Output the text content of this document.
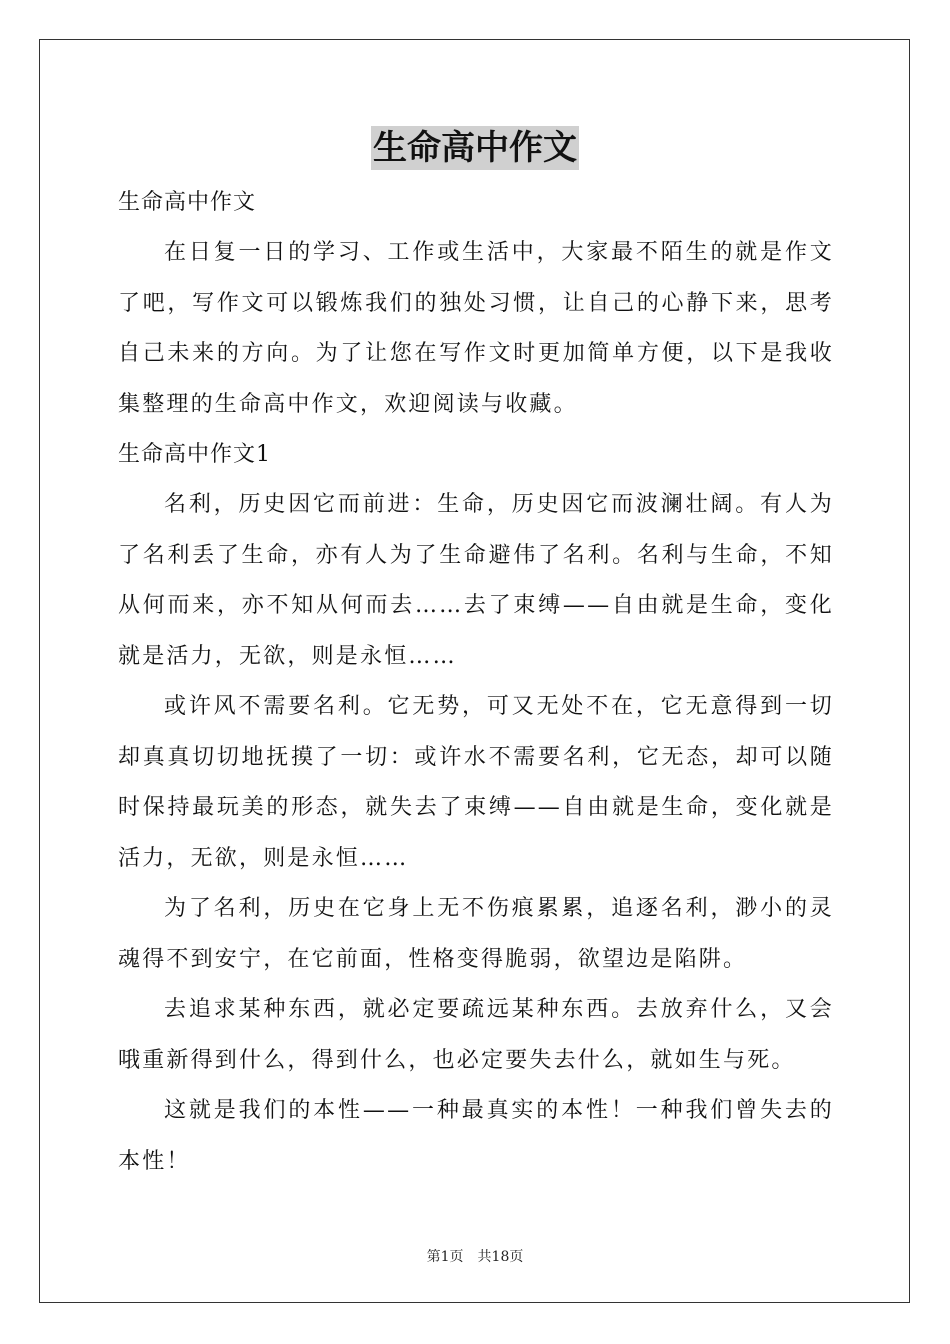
生命高中作文

生命高中作文

在日复一日的学习、工作或生活中，大家最不陌生的就是作文了吧，写作文可以锻炼我们的独处习惯，让自己的心静下来，思考自己未来的方向。为了让您在写作文时更加简单方便，以下是我收集整理的生命高中作文，欢迎阅读与收藏。

生命高中作文1

名利，历史因它而前进：生命，历史因它而波澜壮阔。有人为了名利丢了生命，亦有人为了生命避伟了名利。名利与生命，不知从何而来，亦不知从何而去……去了束缚——自由就是生命，变化就是活力，无欲，则是永恒……

或许风不需要名利。它无势，可又无处不在，它无意得到一切却真真切切地抚摸了一切：或许水不需要名利，它无态，却可以随时保持最玩美的形态，就失去了束缚——自由就是生命，变化就是活力，无欲，则是永恒……

为了名利，历史在它身上无不伤痕累累，追逐名利，渺小的灵魂得不到安宁，在它前面，性格变得脆弱，欲望边是陷阱。

去追求某种东西，就必定要疏远某种东西。去放弃什么，又会哦重新得到什么，得到什么，也必定要失去什么，就如生与死。

这就是我们的本性——一种最真实的本性！一种我们曾失去的本性！

第1页　共18页
